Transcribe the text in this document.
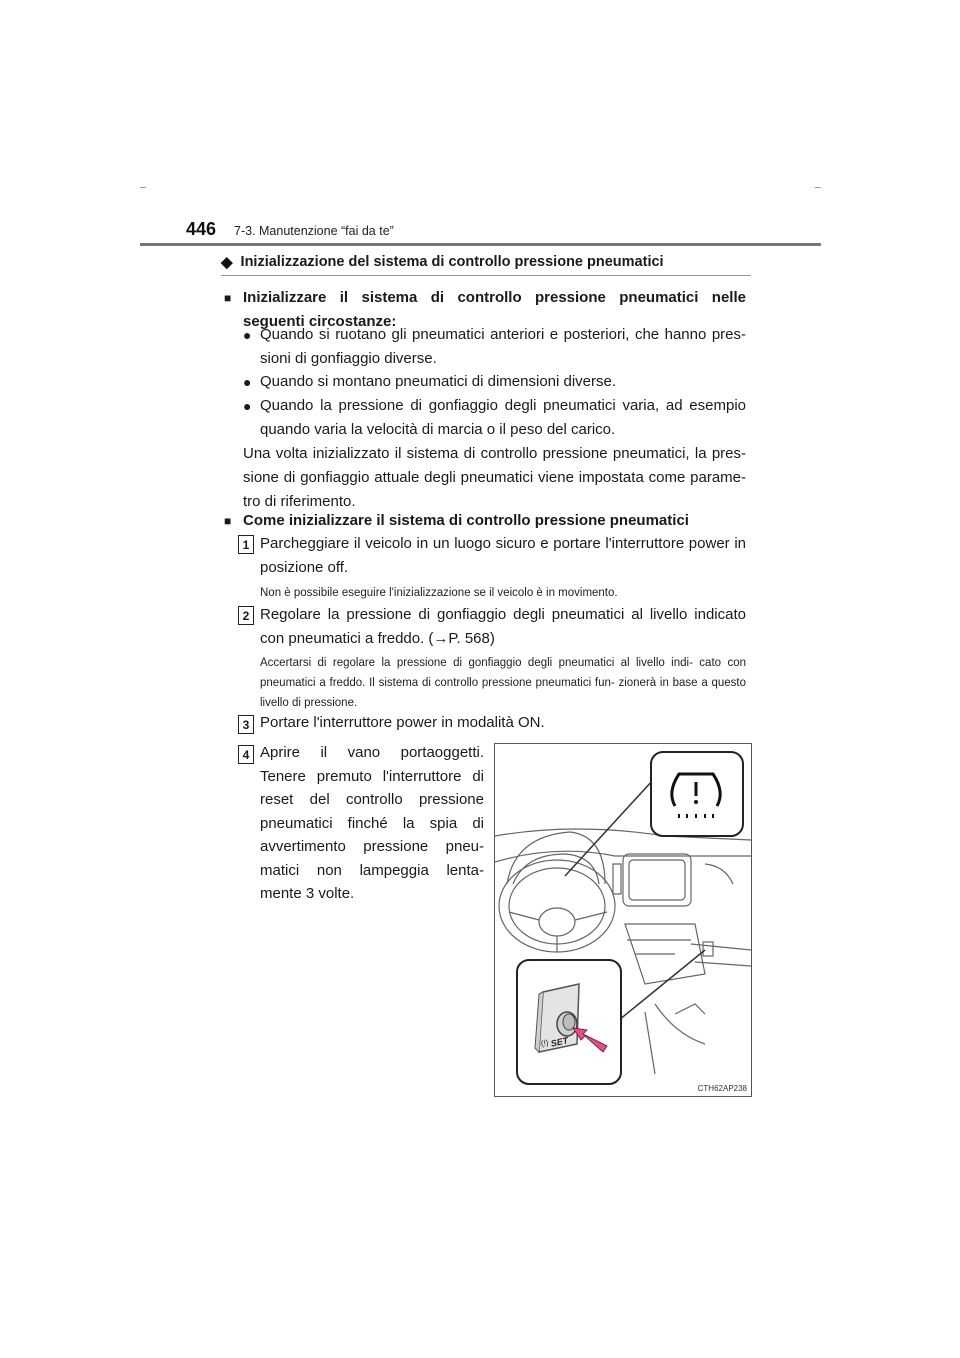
446 7-3. Manutenzione “fai da te”
◆ Inizializzazione del sistema di controllo pressione pneumatici
■ Inizializzare il sistema di controllo pressione pneumatici nelle seguenti circostanze:
● Quando si ruotano gli pneumatici anteriori e posteriori, che hanno pres- sioni di gonfiaggio diverse.
● Quando si montano pneumatici di dimensioni diverse.
● Quando la pressione di gonfiaggio degli pneumatici varia, ad esempio quando varia la velocità di marcia o il peso del carico.
Una volta inizializzato il sistema di controllo pressione pneumatici, la pres- sione di gonfiaggio attuale degli pneumatici viene impostata come parame- tro di riferimento.
■ Come inizializzare il sistema di controllo pressione pneumatici
1 Parcheggiare il veicolo in un luogo sicuro e portare l'interruttore power in posizione off.
Non è possibile eseguire l'inizializzazione se il veicolo è in movimento.
2 Regolare la pressione di gonfiaggio degli pneumatici al livello indicato con pneumatici a freddo. (→P. 568)
Accertarsi di regolare la pressione di gonfiaggio degli pneumatici al livello indi- cato con pneumatici a freddo. Il sistema di controllo pressione pneumatici fun- zionerà in base a questo livello di pressione.
3 Portare l'interruttore power in modalità ON.
4 Aprire il vano portaoggetti. Tenere premuto l'interruttore di reset del controllo pressione pneumatici finché la spia di avvertimento pressione pneu- matici non lampeggia lenta- mente 3 volte.
SET
(!)
CTH62AP238
